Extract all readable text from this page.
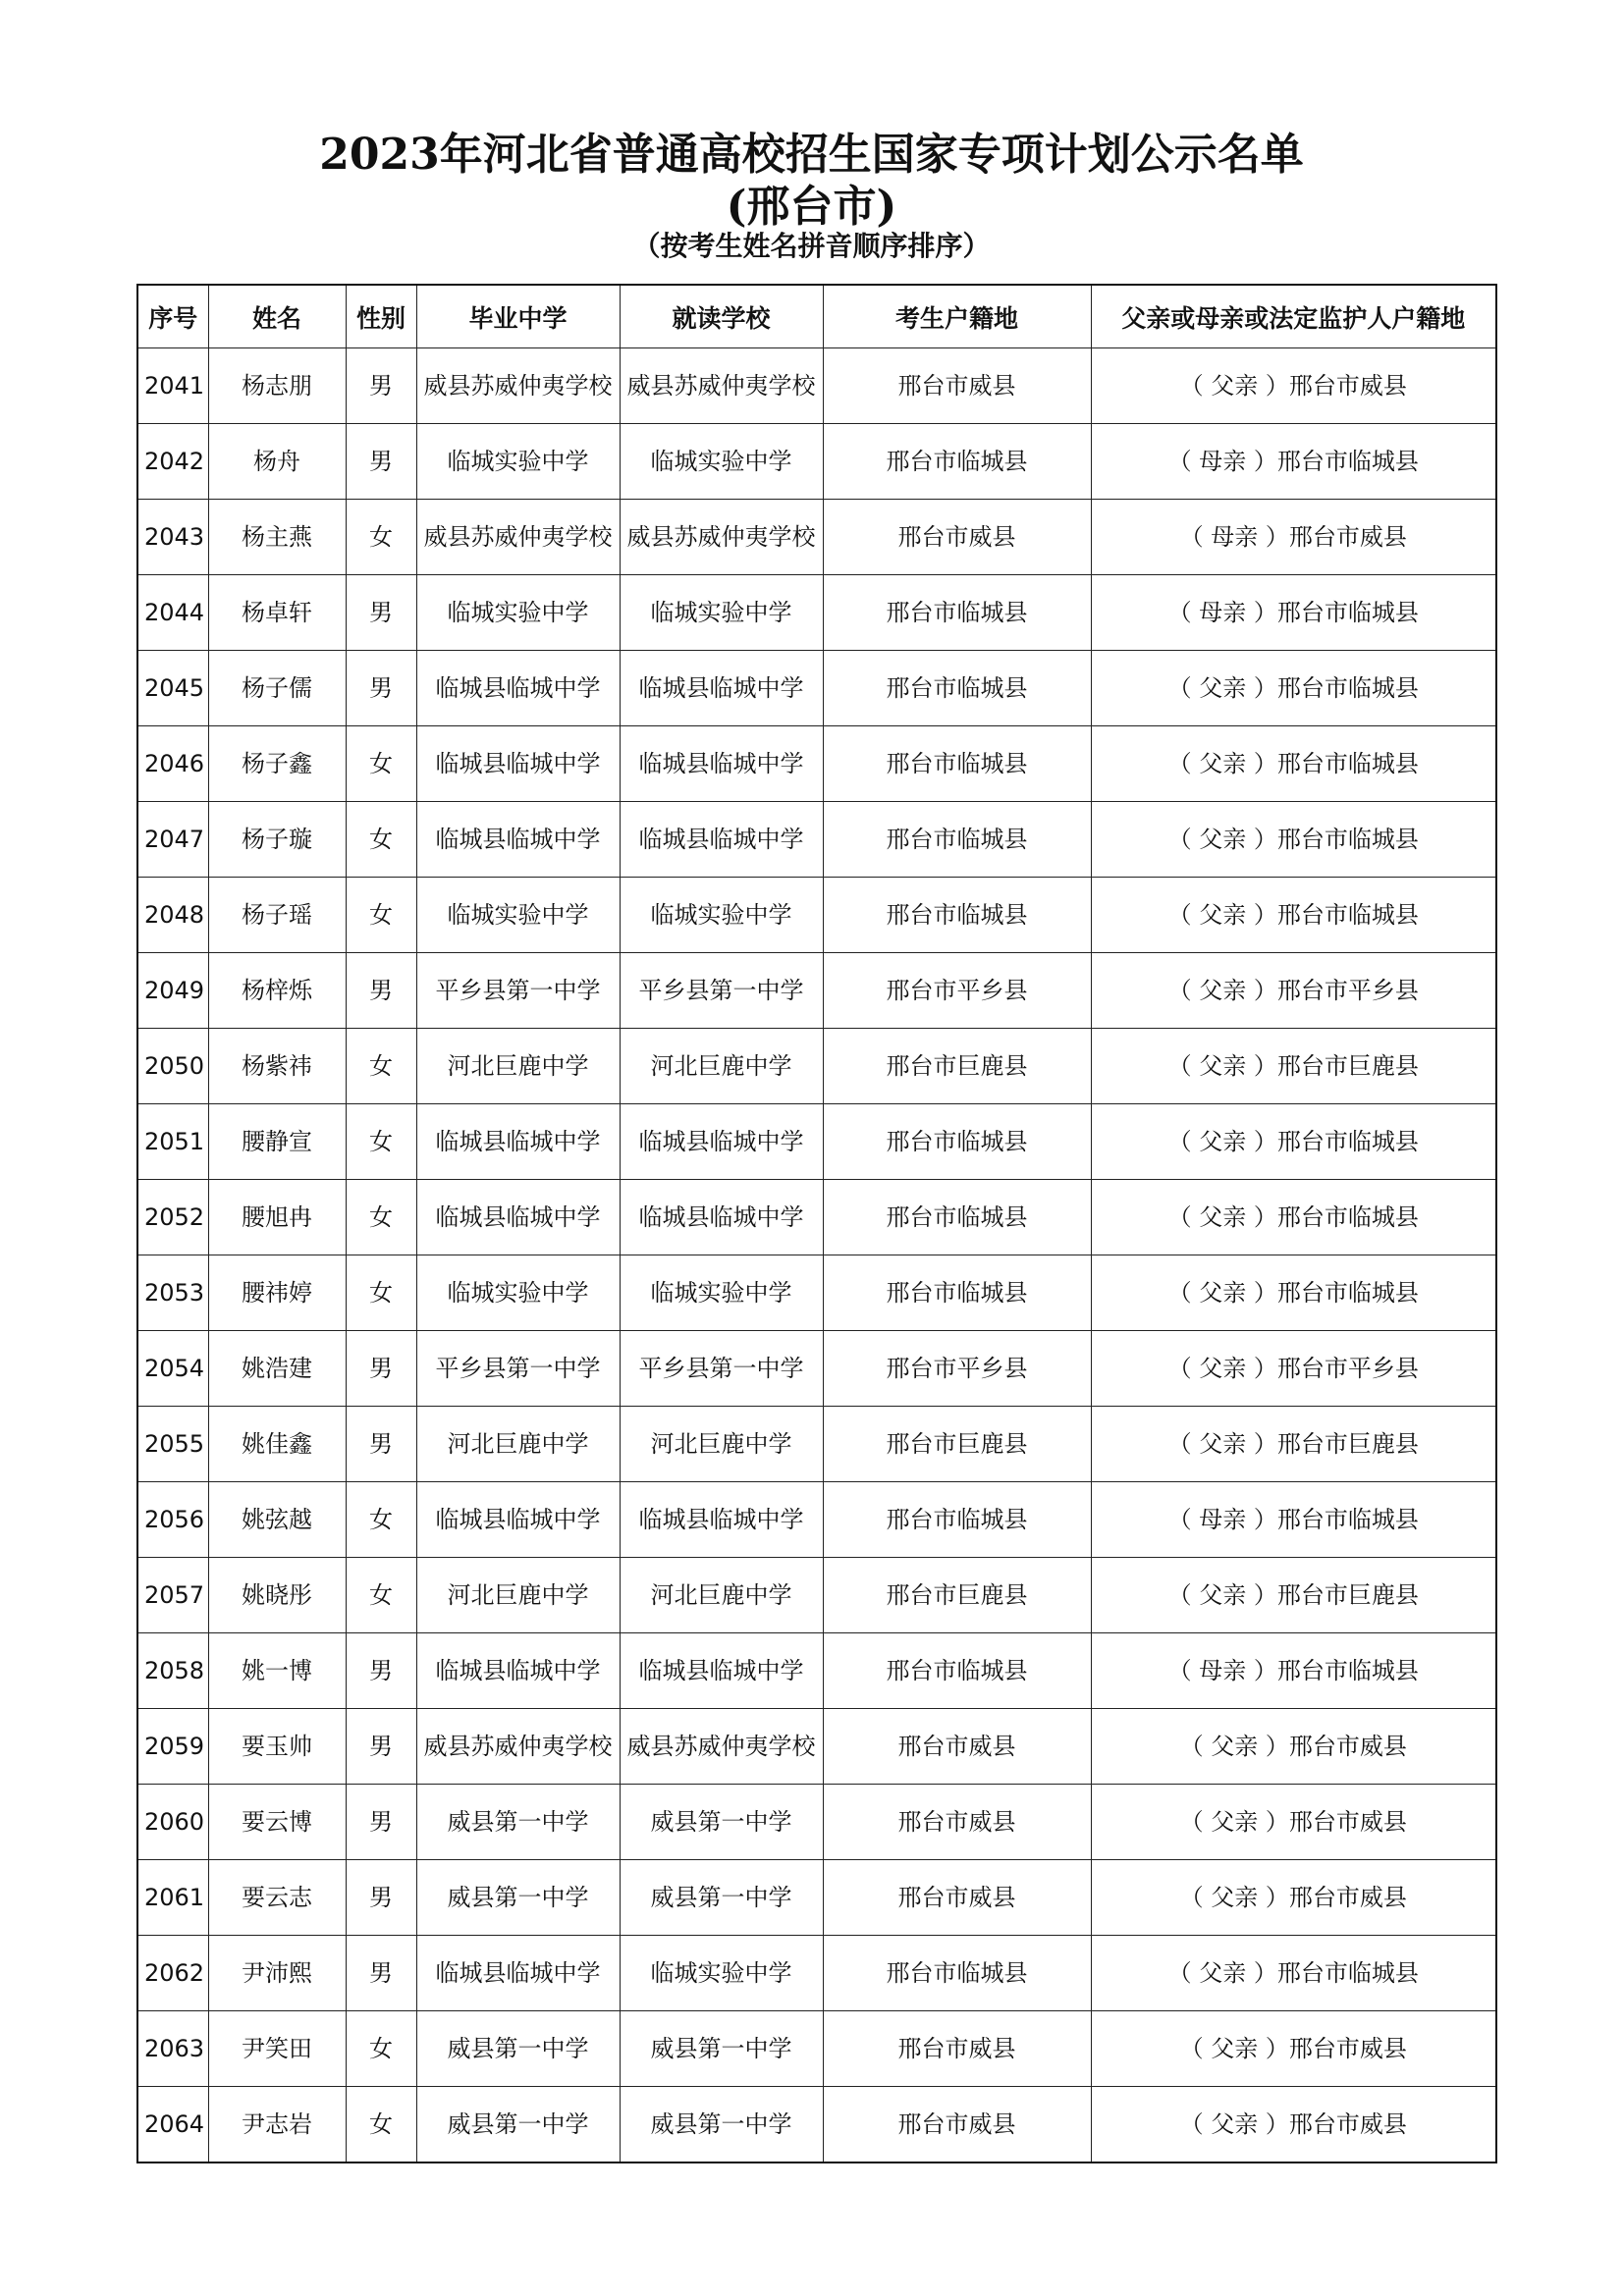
2023年河北省普通高校招生国家专项计划公示名单
(邢台市)
（按考生姓名拼音顺序排序）
序号	姓名	性别	毕业中学	就读学校	考生户籍地	父亲或母亲或法定监护人户籍地
2041	杨志朋	男	威县苏威仲夷学校	威县苏威仲夷学校	邢台市威县	（ 父亲 ）邢台市威县
2042	杨舟	男	临城实验中学	临城实验中学	邢台市临城县	（ 母亲 ）邢台市临城县
2043	杨主燕	女	威县苏威仲夷学校	威县苏威仲夷学校	邢台市威县	（ 母亲 ）邢台市威县
2044	杨卓轩	男	临城实验中学	临城实验中学	邢台市临城县	（ 母亲 ）邢台市临城县
2045	杨子儒	男	临城县临城中学	临城县临城中学	邢台市临城县	（ 父亲 ）邢台市临城县
2046	杨子鑫	女	临城县临城中学	临城县临城中学	邢台市临城县	（ 父亲 ）邢台市临城县
2047	杨子璇	女	临城县临城中学	临城县临城中学	邢台市临城县	（ 父亲 ）邢台市临城县
2048	杨子瑶	女	临城实验中学	临城实验中学	邢台市临城县	（ 父亲 ）邢台市临城县
2049	杨梓烁	男	平乡县第一中学	平乡县第一中学	邢台市平乡县	（ 父亲 ）邢台市平乡县
2050	杨紫祎	女	河北巨鹿中学	河北巨鹿中学	邢台市巨鹿县	（ 父亲 ）邢台市巨鹿县
2051	腰静宣	女	临城县临城中学	临城县临城中学	邢台市临城县	（ 父亲 ）邢台市临城县
2052	腰旭冉	女	临城县临城中学	临城县临城中学	邢台市临城县	（ 父亲 ）邢台市临城县
2053	腰祎婷	女	临城实验中学	临城实验中学	邢台市临城县	（ 父亲 ）邢台市临城县
2054	姚浩建	男	平乡县第一中学	平乡县第一中学	邢台市平乡县	（ 父亲 ）邢台市平乡县
2055	姚佳鑫	男	河北巨鹿中学	河北巨鹿中学	邢台市巨鹿县	（ 父亲 ）邢台市巨鹿县
2056	姚弦越	女	临城县临城中学	临城县临城中学	邢台市临城县	（ 母亲 ）邢台市临城县
2057	姚晓彤	女	河北巨鹿中学	河北巨鹿中学	邢台市巨鹿县	（ 父亲 ）邢台市巨鹿县
2058	姚一博	男	临城县临城中学	临城县临城中学	邢台市临城县	（ 母亲 ）邢台市临城县
2059	要玉帅	男	威县苏威仲夷学校	威县苏威仲夷学校	邢台市威县	（ 父亲 ）邢台市威县
2060	要云博	男	威县第一中学	威县第一中学	邢台市威县	（ 父亲 ）邢台市威县
2061	要云志	男	威县第一中学	威县第一中学	邢台市威县	（ 父亲 ）邢台市威县
2062	尹沛熙	男	临城县临城中学	临城实验中学	邢台市临城县	（ 父亲 ）邢台市临城县
2063	尹笑田	女	威县第一中学	威县第一中学	邢台市威县	（ 父亲 ）邢台市威县
2064	尹志岩	女	威县第一中学	威县第一中学	邢台市威县	（ 父亲 ）邢台市威县
